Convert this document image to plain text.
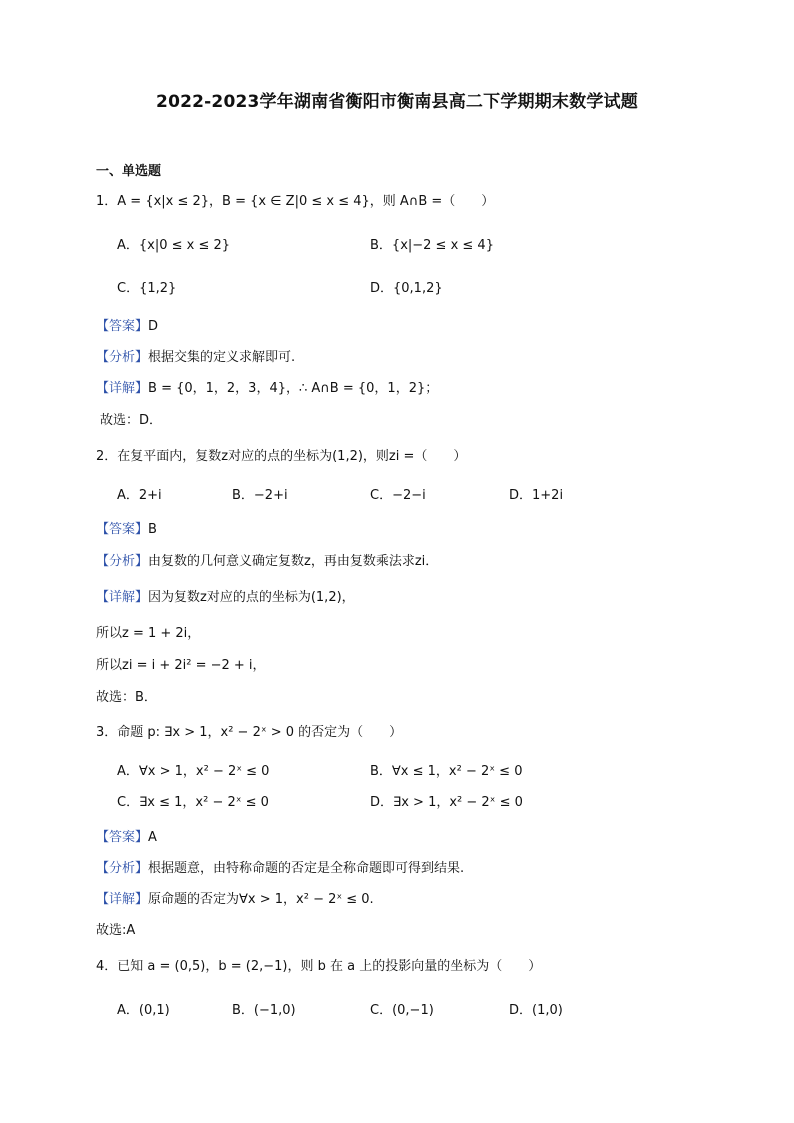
2022-2023学年湖南省衡阳市衡南县高二下学期期末数学试题
一、单选题
1．A = {x|x ≤ 2}，B = {x ∈ Z|0 ≤ x ≤ 4}，则 A∩B =（　　）
A．{x|0 ≤ x ≤ 2}	B．{x|−2 ≤ x ≤ 4}
C．{1,2}	D．{0,1,2}
【答案】D
【分析】根据交集的定义求解即可.
【详解】B = {0，1，2，3，4}，∴ A∩B = {0，1，2}；
故选：D．
2．在复平面内，复数z对应的点的坐标为(1,2)，则zi =（　　）
A．2+i	B．−2+i	C．−2−i	D．1+2i
【答案】B
【分析】由复数的几何意义确定复数z，再由复数乘法求zi．
【详解】因为复数z对应的点的坐标为(1,2)，
所以z = 1 + 2i，
所以zi = i + 2i² = −2 + i，
故选：B．
3．命题 p: ∃x > 1，x² − 2ˣ > 0 的否定为（　　）
A．∀x > 1，x² − 2ˣ ≤ 0	B．∀x ≤ 1，x² − 2ˣ ≤ 0
C．∃x ≤ 1，x² − 2ˣ ≤ 0	D．∃x > 1，x² − 2ˣ ≤ 0
【答案】A
【分析】根据题意，由特称命题的否定是全称命题即可得到结果.
【详解】原命题的否定为∀x > 1，x² − 2ˣ ≤ 0.
故选:A
4．已知 a = (0,5)，b = (2,−1)，则 b 在 a 上的投影向量的坐标为（　　）
A．(0,1)	B．(−1,0)	C．(0,−1)	D．(1,0)
